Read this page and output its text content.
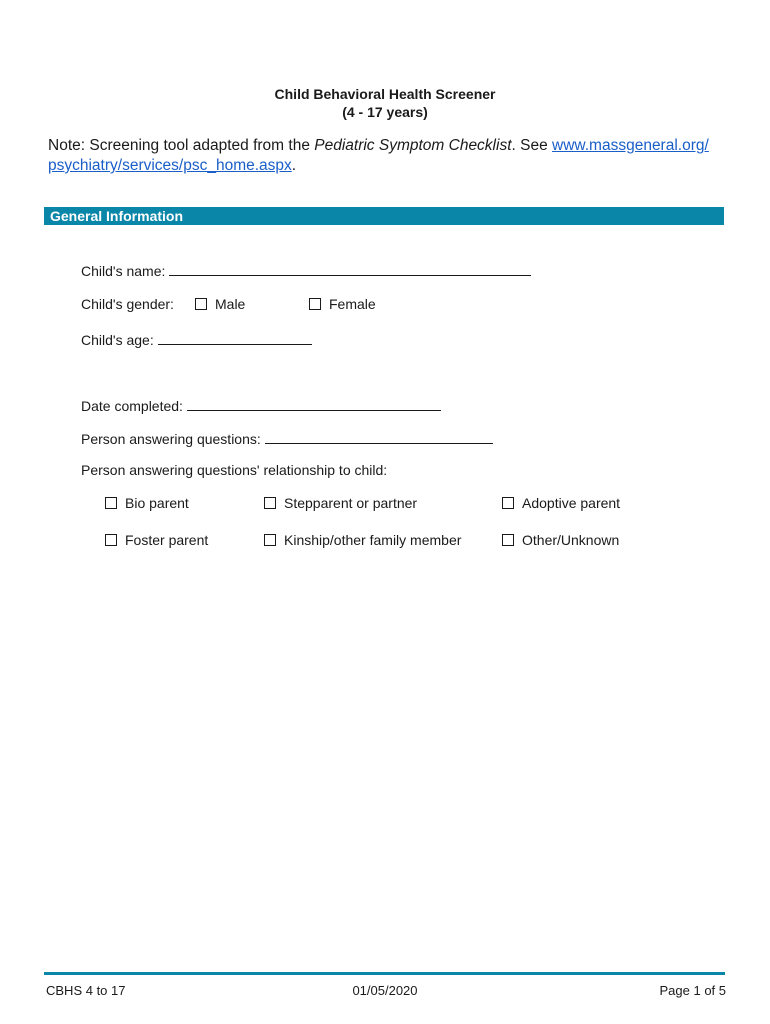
Child Behavioral Health Screener
(4 - 17 years)
Note: Screening tool adapted from the Pediatric Symptom Checklist. See www.massgeneral.org/
psychiatry/services/psc_home.aspx.
General Information
Child's name:
Child's gender:	Male	Female
Child's age:
Date completed:
Person answering questions:
Person answering questions' relationship to child:
Bio parent	Stepparent or partner	Adoptive parent
Foster parent	Kinship/other family member	Other/Unknown
CBHS 4 to 17	01/05/2020	Page 1 of 5
